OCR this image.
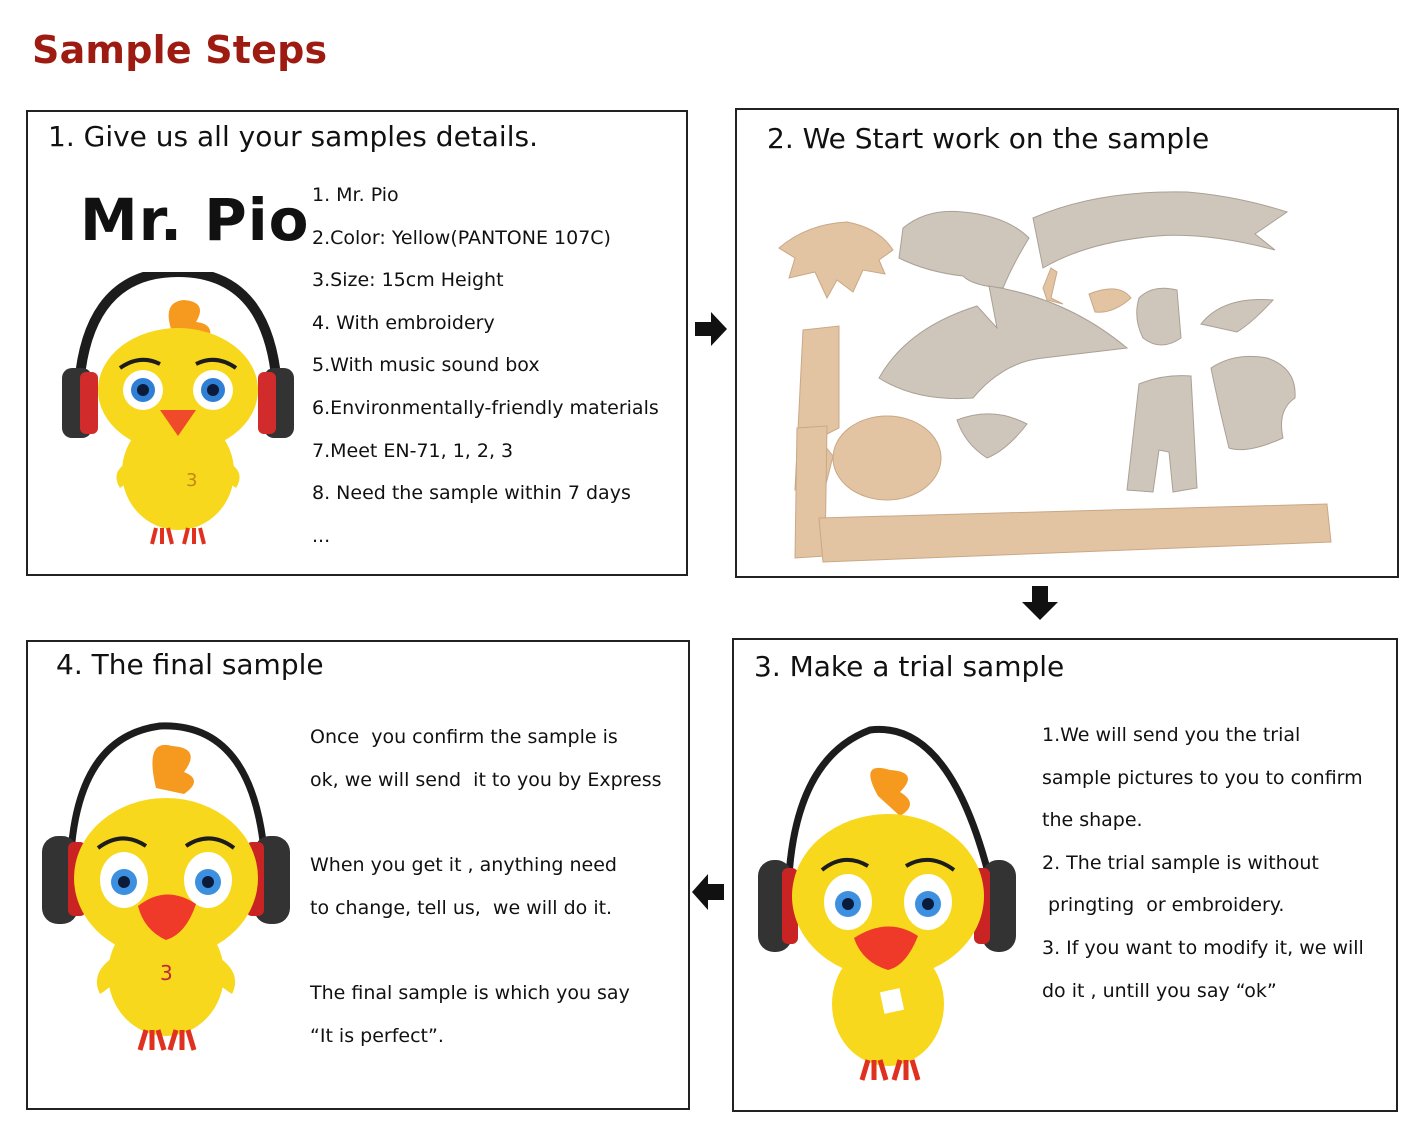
Sample Steps
1. Give us all your samples details.
Mr. Pio
3
1. Mr. Pio
2.Color: Yellow(PANTONE 107C)
3.Size: 15cm Height
4. With embroidery
5.With music sound box
6.Environmentally-friendly materials
7.Meet EN-71, 1, 2, 3
8. Need the sample within 7 days
...
2. We Start work on the sample
3. Make a trial sample
1.We will send you the trial
sample pictures to you to confirm
the shape.
2. The trial sample is without
pringting  or embroidery.
3. If you want to modify it, we will
do it , untill you say “ok”
4. The final sample
3
Once  you confirm the sample is
ok, we will send  it to you by Express
When you get it , anything need
to change, tell us,  we will do it.
The final sample is which you say
“It is perfect”.
